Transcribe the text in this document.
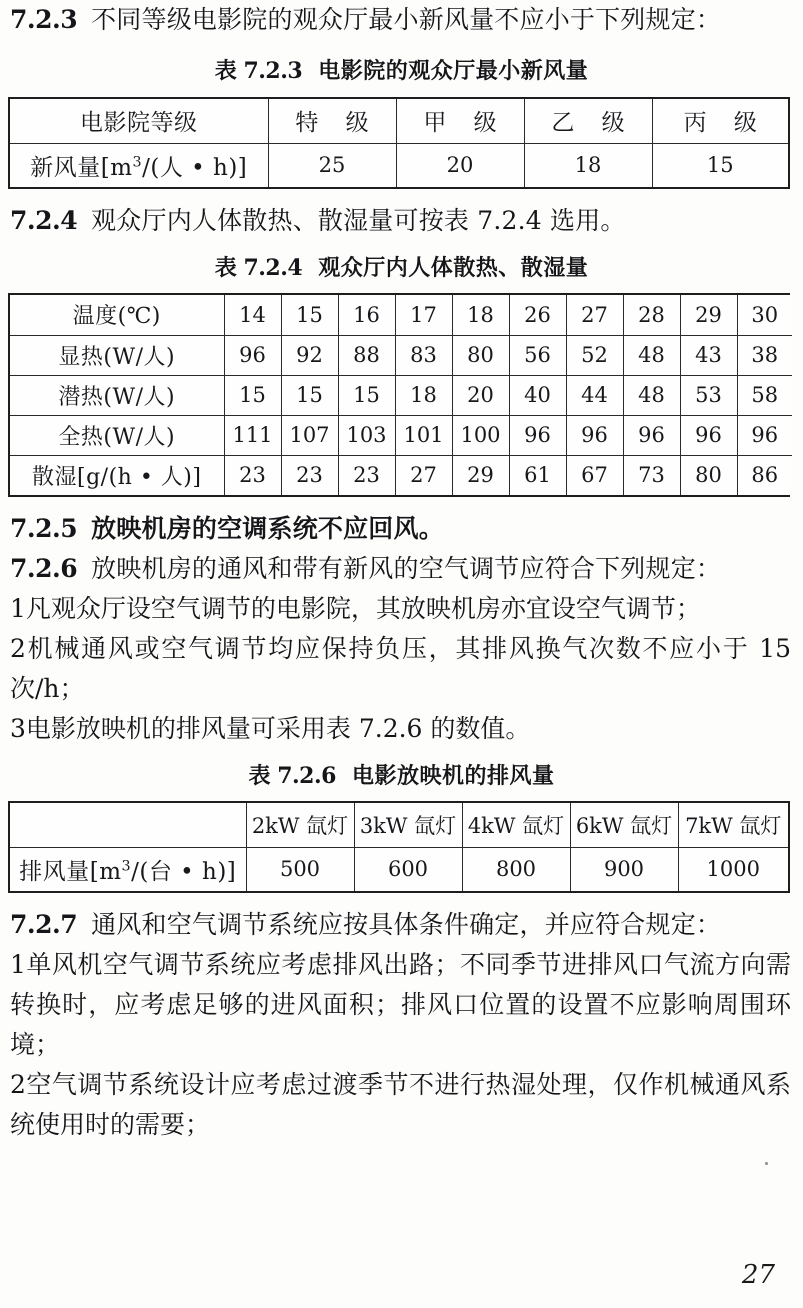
7.2.3 不同等级电影院的观众厅最小新风量不应小于下列规定：

表 7.2.3 电影院的观众厅最小新风量

电影院等级	特 级	甲 级	乙 级	丙 级
新风量[$m^3/$(人 • h)]	25	20	18	15

7.2.4 观众厅内人体散热、散湿量可按表 7.2.4 选用。

表 7.2.4 观众厅内人体散热、散湿量

温度(℃)	14	15	16	17	18	26	27	28	29	30
显热(W/人)	96	92	88	83	80	56	52	48	43	38
潜热(W/人)	15	15	15	18	20	40	44	48	53	58
全热(W/人)	111	107	103	101	100	96	96	96	96	96
散湿[g/(h • 人)]	23	23	23	27	29	61	67	73	80	86

7.2.5 放映机房的空调系统不应回风。

7.2.6 放映机房的通风和带有新风的空气调节应符合下列规定：

1凡观众厅设空气调节的电影院，其放映机房亦宜设空气调节；

2机械通风或空气调节均应保持负压，其排风换气次数不应小于 15 次/h；

3电影放映机的排风量可采用表 7.2.6 的数值。

表 7.2.6 电影放映机的排风量

	2kW 氙灯	3kW 氙灯	4kW 氙灯	6kW 氙灯	7kW 氙灯
排风量[$m^3/$(台 • h)]	500	600	800	900	1000

7.2.7 通风和空气调节系统应按具体条件确定，并应符合规定：

1单风机空气调节系统应考虑排风出路；不同季节进排风口气流方向需转换时，应考虑足够的进风面积；排风口位置的设置不应影响周围环境；

2空气调节系统设计应考虑过渡季节不进行热湿处理，仅作机械通风系统使用时的需要；

27
